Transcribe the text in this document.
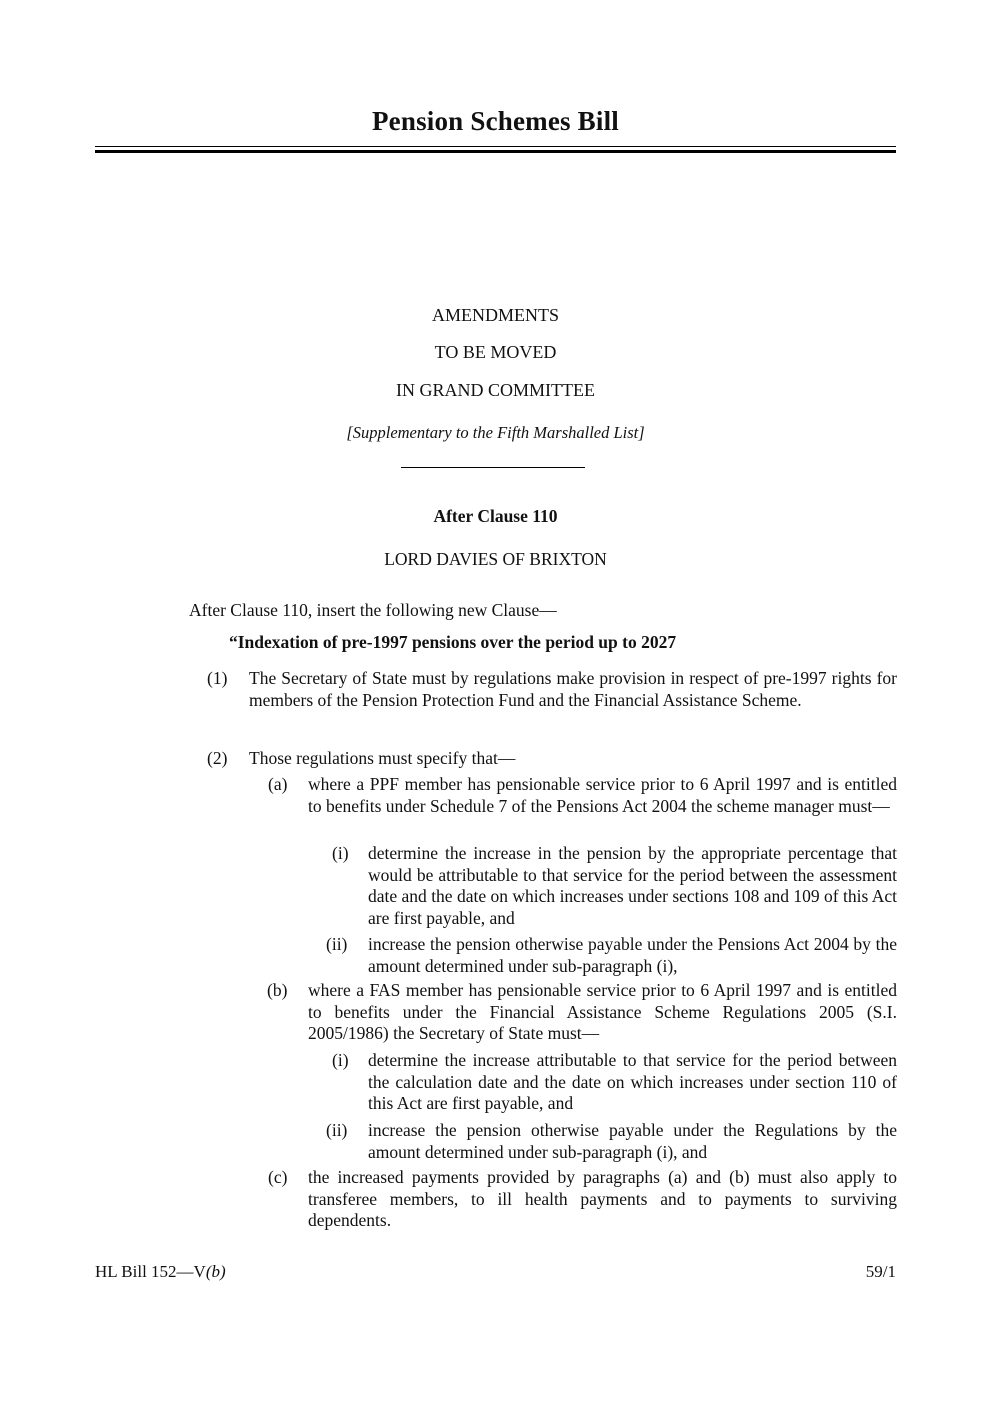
Pension Schemes Bill
AMENDMENTS
TO BE MOVED
IN GRAND COMMITTEE
[Supplementary to the Fifth Marshalled List]
After Clause 110
LORD DAVIES OF BRIXTON
After Clause 110, insert the following new Clause—
“Indexation of pre-1997 pensions over the period up to 2027
(1) The Secretary of State must by regulations make provision in respect of pre-1997 rights for members of the Pension Protection Fund and the Financial Assistance Scheme.
(2) Those regulations must specify that—
(a) where a PPF member has pensionable service prior to 6 April 1997 and is entitled to benefits under Schedule 7 of the Pensions Act 2004 the scheme manager must—
(i) determine the increase in the pension by the appropriate percentage that would be attributable to that service for the period between the assessment date and the date on which increases under sections 108 and 109 of this Act are first payable, and
(ii) increase the pension otherwise payable under the Pensions Act 2004 by the amount determined under sub-paragraph (i),
(b) where a FAS member has pensionable service prior to 6 April 1997 and is entitled to benefits under the Financial Assistance Scheme Regulations 2005 (S.I. 2005/1986) the Secretary of State must—
(i) determine the increase attributable to that service for the period between the calculation date and the date on which increases under section 110 of this Act are first payable, and
(ii) increase the pension otherwise payable under the Regulations by the amount determined under sub-paragraph (i), and
(c) the increased payments provided by paragraphs (a) and (b) must also apply to transferee members, to ill health payments and to payments to surviving dependents.
HL Bill 152—V(b)	59/1
